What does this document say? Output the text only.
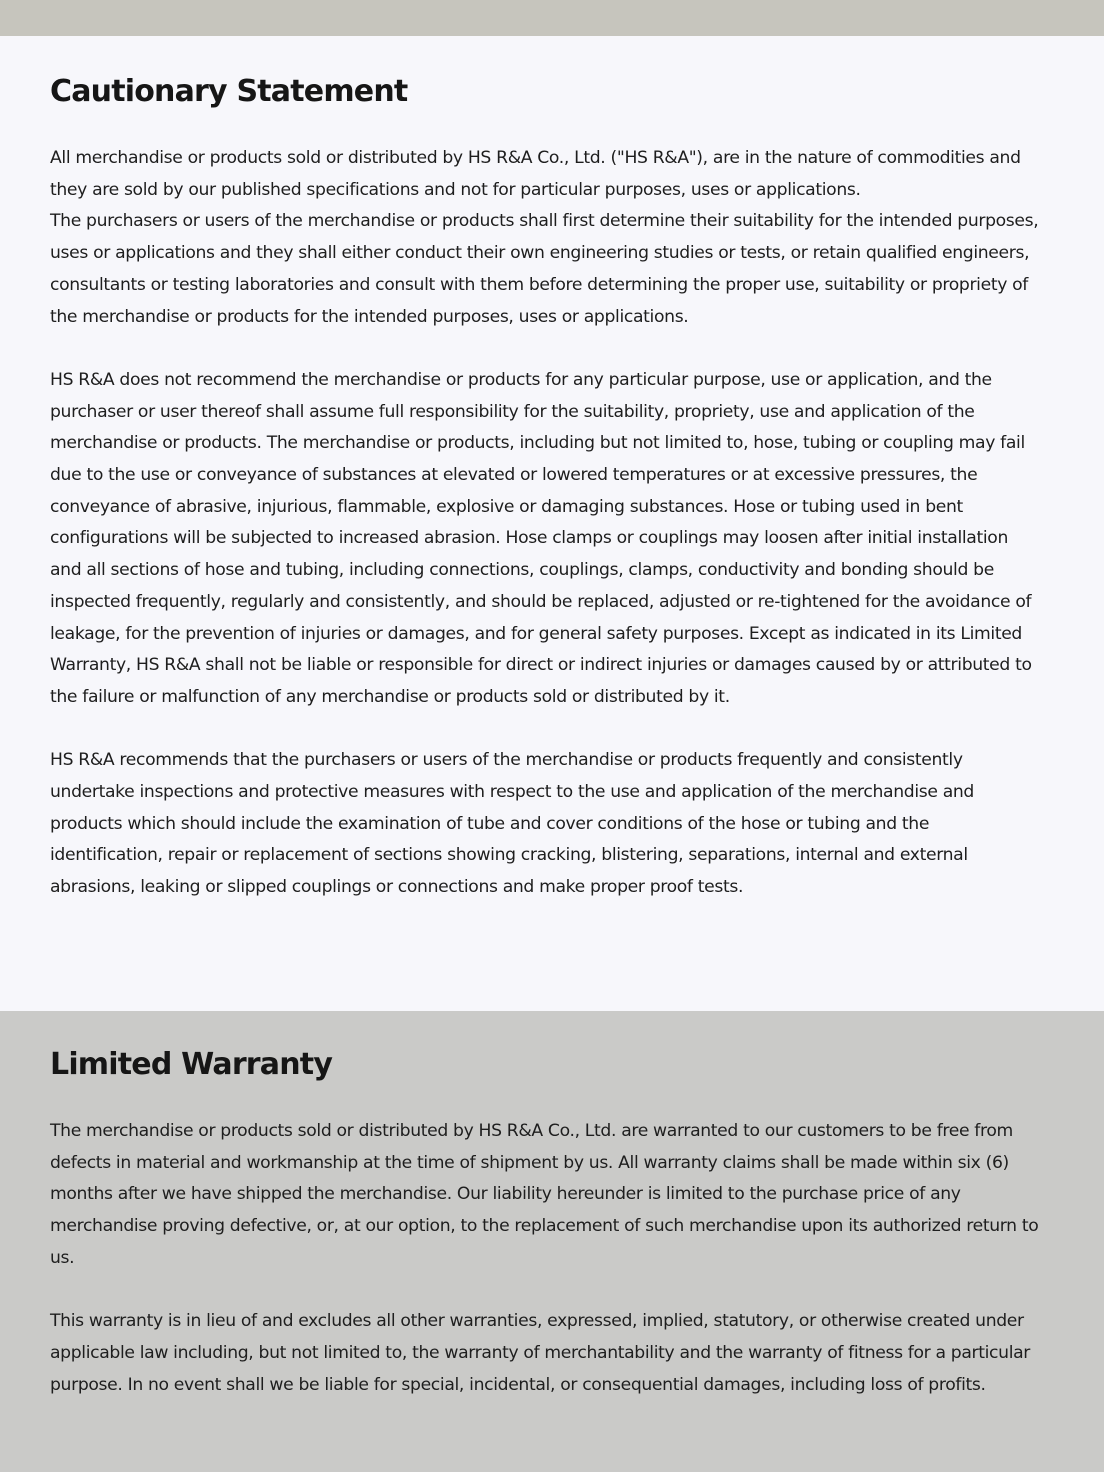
Cautionary Statement

All merchandise or products sold or distributed by HS R&A Co., Ltd. ("HS R&A"), are in the nature of commodities and they are sold by our published specifications and not for particular purposes, uses or applications.

The purchasers or users of the merchandise or products shall first determine their suitability for the intended purposes, uses or applications and they shall either conduct their own engineering studies or tests, or retain qualified engineers, consultants or testing laboratories and consult with them before determining the proper use, suitability or propriety of the merchandise or products for the intended purposes, uses or applications.

HS R&A does not recommend the merchandise or products for any particular purpose, use or application, and the purchaser or user thereof shall assume full responsibility for the suitability, propriety, use and application of the merchandise or products. The merchandise or products, including but not limited to, hose, tubing or coupling may fail due to the use or conveyance of substances at elevated or lowered temperatures or at excessive pressures, the conveyance of abrasive, injurious, flammable, explosive or damaging substances. Hose or tubing used in bent configurations will be subjected to increased abrasion. Hose clamps or couplings may loosen after initial installation and all sections of hose and tubing, including connections, couplings, clamps, conductivity and bonding should be inspected frequently, regularly and consistently, and should be replaced, adjusted or re-tightened for the avoidance of leakage, for the prevention of injuries or damages, and for general safety purposes. Except as indicated in its Limited Warranty, HS R&A shall not be liable or responsible for direct or indirect injuries or damages caused by or attributed to the failure or malfunction of any merchandise or products sold or distributed by it.

HS R&A recommends that the purchasers or users of the merchandise or products frequently and consistently undertake inspections and protective measures with respect to the use and application of the merchandise and products which should include the examination of tube and cover conditions of the hose or tubing and the identification, repair or replacement of sections showing cracking, blistering, separations, internal and external abrasions, leaking or slipped couplings or connections and make proper proof tests.

Limited Warranty

The merchandise or products sold or distributed by HS R&A Co., Ltd. are warranted to our customers to be free from defects in material and workmanship at the time of shipment by us. All warranty claims shall be made within six (6) months after we have shipped the merchandise. Our liability hereunder is limited to the purchase price of any merchandise proving defective, or, at our option, to the replacement of such merchandise upon its authorized return to us.

This warranty is in lieu of and excludes all other warranties, expressed, implied, statutory, or otherwise created under applicable law including, but not limited to, the warranty of merchantability and the warranty of fitness for a particular purpose. In no event shall we be liable for special, incidental, or consequential damages, including loss of profits.
